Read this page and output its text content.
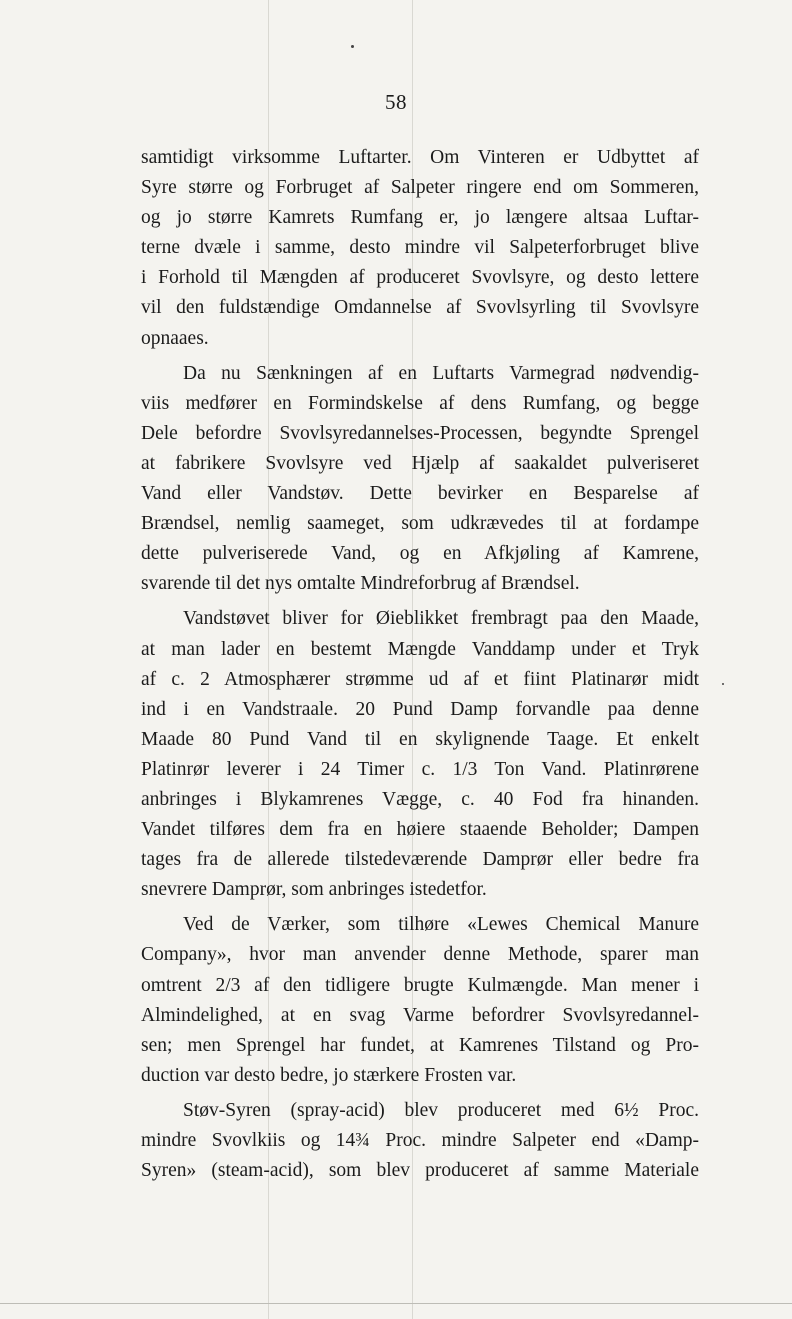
58
samtidigt virksomme Luftarter. Om Vinteren er Udbyttet af
Syre større og Forbruget af Salpeter ringere end om Sommeren,
og jo større Kamrets Rumfang er, jo længere altsaa Luftar-
terne dvæle i samme, desto mindre vil Salpeterforbruget blive
i Forhold til Mængden af produceret Svovlsyre, og desto lettere
vil den fuldstændige Omdannelse af Svovlsyrling til Svovlsyre
opnaaes.
Da nu Sænkningen af en Luftarts Varmegrad nødvendig-
viis medfører en Formindskelse af dens Rumfang, og begge
Dele befordre Svovlsyredannelses-Processen, begyndte Sprengel
at fabrikere Svovlsyre ved Hjælp af saakaldet pulveriseret
Vand eller Vandstøv. Dette bevirker en Besparelse af
Brændsel, nemlig saameget, som udkrævedes til at fordampe
dette pulveriserede Vand, og en Afkjøling af Kamrene,
svarende til det nys omtalte Mindreforbrug af Brændsel.
Vandstøvet bliver for Øieblikket frembragt paa den Maade,
at man lader en bestemt Mængde Vanddamp under et Tryk
af c. 2 Atmosphærer strømme ud af et fiint Platinarør midt
ind i en Vandstraale. 20 Pund Damp forvandle paa denne
Maade 80 Pund Vand til en skylignende Taage. Et enkelt
Platinrør leverer i 24 Timer c. 1/3 Ton Vand. Platinrørene
anbringes i Blykamrenes Vægge, c. 40 Fod fra hinanden.
Vandet tilføres dem fra en høiere staaende Beholder; Dampen
tages fra de allerede tilstedeværende Damprør eller bedre fra
snevrere Damprør, som anbringes istedetfor.
Ved de Værker, som tilhøre «Lewes Chemical Manure
Company», hvor man anvender denne Methode, sparer man
omtrent 2/3 af den tidligere brugte Kulmængde. Man mener i
Almindelighed, at en svag Varme befordrer Svovlsyredannel-
sen; men Sprengel har fundet, at Kamrenes Tilstand og Pro-
duction var desto bedre, jo stærkere Frosten var.
Støv-Syren (spray-acid) blev produceret med 6½ Proc.
mindre Svovlkiis og 14¾ Proc. mindre Salpeter end «Damp-
Syren» (steam-acid), som blev produceret af samme Materiale
